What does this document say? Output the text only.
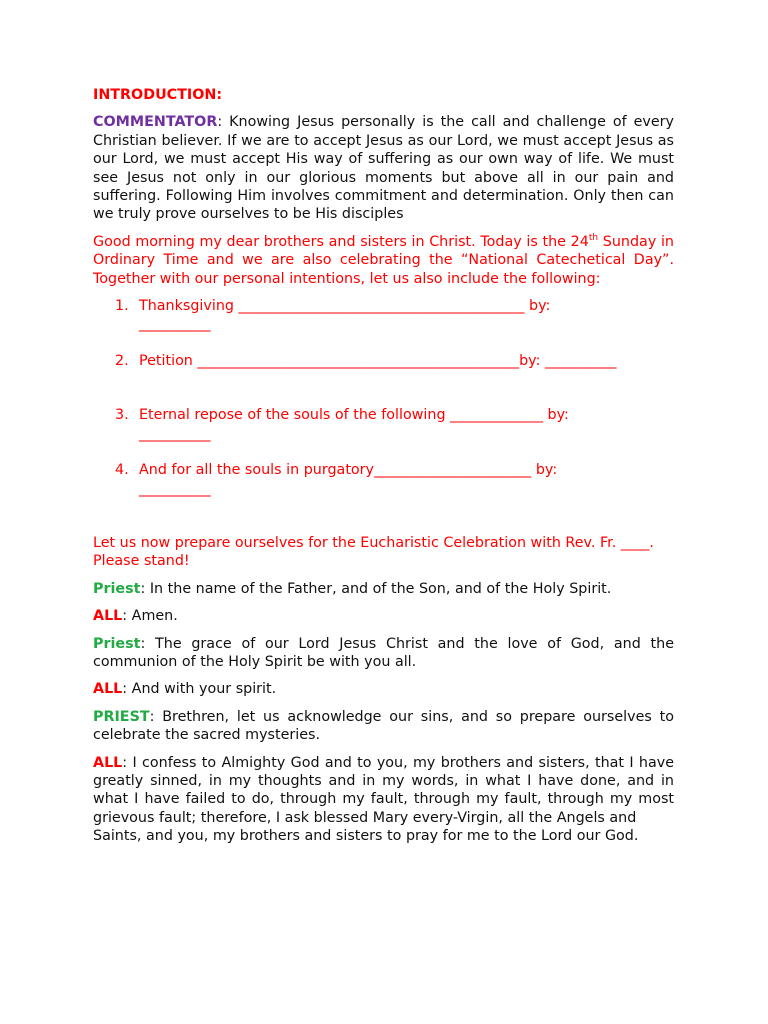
INTRODUCTION:

COMMENTATOR: Knowing Jesus personally is the call and challenge of every Christian believer. If we are to accept Jesus as our Lord, we must accept Jesus as our Lord, we must accept His way of suffering as our own way of life. We must see Jesus not only in our glorious moments but above all in our pain and suffering. Following Him involves commitment and determination. Only then can we truly prove ourselves to be His disciples

Good morning my dear brothers and sisters in Christ. Today is the 24th Sunday in Ordinary Time and we are also celebrating the “National Catechetical Day”. Together with our personal intentions, let us also include the following:

1. Thanksgiving ________________________________________ by:
__________
2. Petition _____________________________________________by: __________
3. Eternal repose of the souls of the following _____________ by:
__________
4. And for all the souls in purgatory______________________ by:
__________

Let us now prepare ourselves for the Eucharistic Celebration with Rev. Fr. ____. Please stand!

Priest: In the name of the Father, and of the Son, and of the Holy Spirit.

ALL: Amen.

Priest: The grace of our Lord Jesus Christ and the love of God, and the communion of the Holy Spirit be with you all.

ALL: And with your spirit.

PRIEST: Brethren, let us acknowledge our sins, and so prepare ourselves to celebrate the sacred mysteries.

ALL: I confess to Almighty God and to you, my brothers and sisters, that I have greatly sinned, in my thoughts and in my words, in what I have done, and in what I have failed to do, through my fault, through my fault, through my most grievous fault; therefore, I ask blessed Mary every-Virgin, all the Angels and

Saints, and you, my brothers and sisters to pray for me to the Lord our God.
